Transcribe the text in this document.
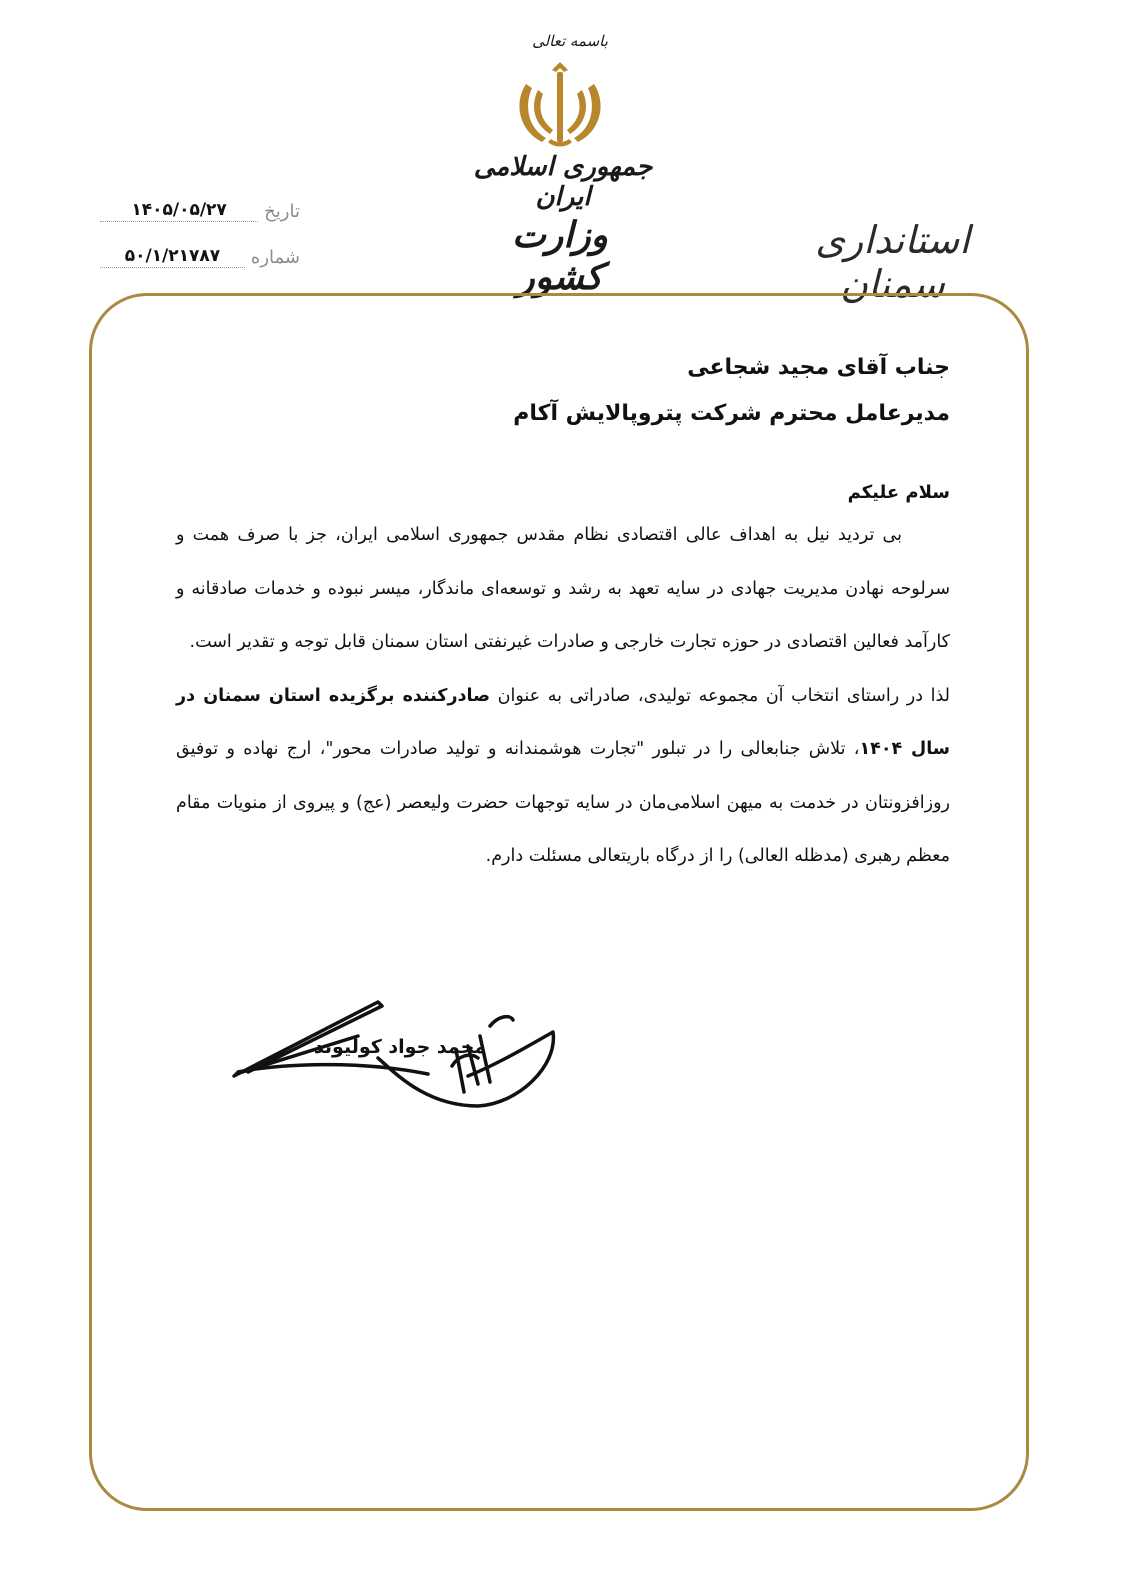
باسمه تعالی
جمهوری اسلامی ایران
وزارت کشور
استانداری سمنان
تاریخ
۱۴۰۵/۰۵/۲۷
شماره
۵۰/۱/۲۱۷۸۷
جناب آقای مجید شجاعی
مدیرعامل محترم شرکت پتروپالایش آکام
سلام علیکم

بی تردید نیل به اهداف عالی اقتصادی نظام مقدس جمهوری اسلامی ایران، جز با صرف همت و سرلوحه نهادن مدیریت جهادی در سایه تعهد به رشد و توسعه‌ای ماندگار، میسر نبوده و خدمات صادقانه و کارآمد فعالین اقتصادی در حوزه تجارت خارجی و صادرات غیرنفتی استان سمنان قابل توجه و تقدیر است.

لذا در راستای انتخاب آن مجموعه تولیدی، صادراتی به عنوان صادرکننده برگزیده استان سمنان در سال ۱۴۰۴، تلاش جنابعالی را در تبلور "تجارت هوشمندانه و تولید صادرات محور"، ارج نهاده و توفیق روزافزونتان در خدمت به میهن اسلامی‌مان در سایه توجهات حضرت ولیعصر (عج) و پیروی از منویات مقام معظم رهبری (مدظله العالی) را از درگاه باریتعالی مسئلت دارم.

محمد جواد کولیوند
